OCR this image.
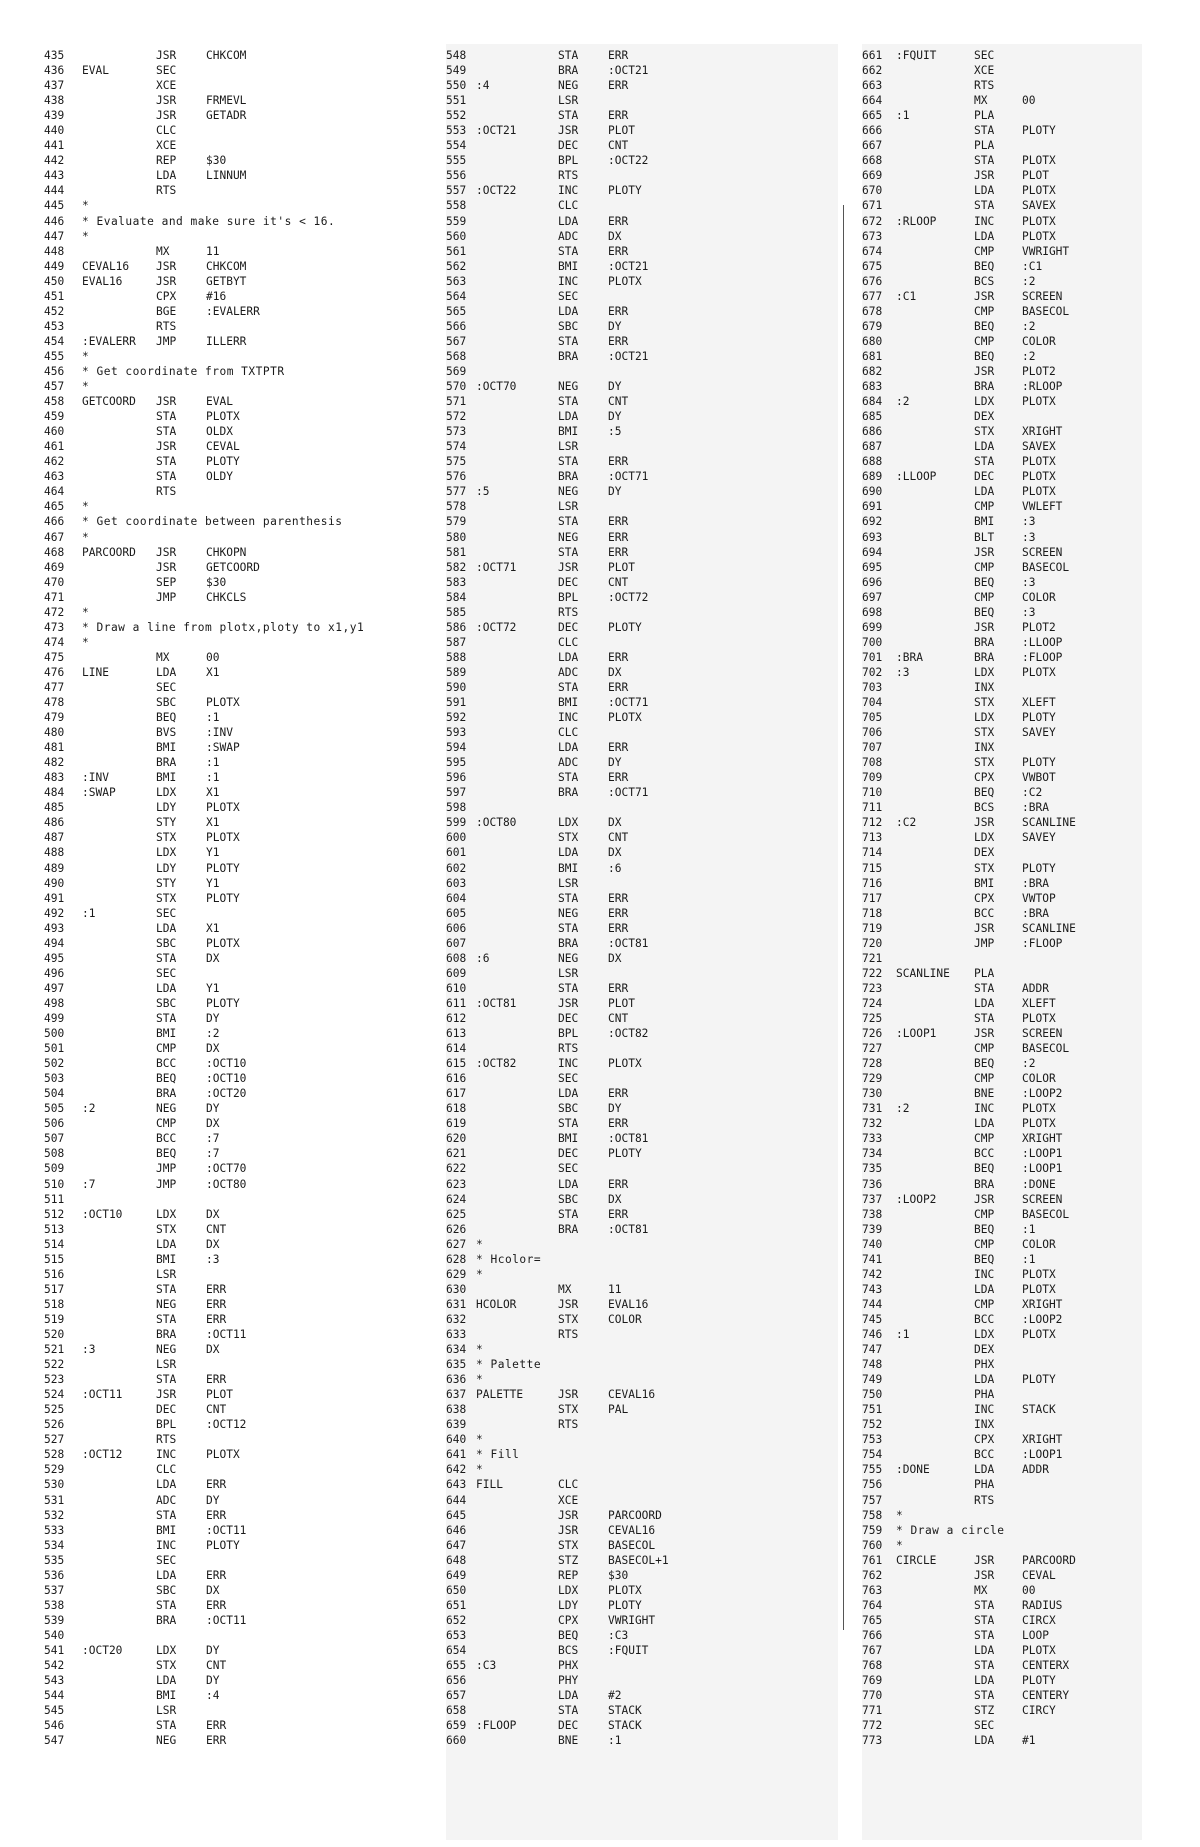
435	JSR	CHKCOM
436 EVAL	SEC
437	XCE
438	JSR	FRMEVL
439	JSR	GETADR
440	CLC
441	XCE
442	REP	$30
443	LDA	LINNUM
444	RTS
445 *
446 * Evaluate and make sure it's < 16.
447 *
448	MX	11
449 CEVAL16 JSR	CHKCOM
450 EVAL16	JSR	GETBYT
451	CPX	#16
452	BGE	:EVALERR
453	RTS
454 :EVALERR JMP	ILLERR
455 *
456 * Get coordinate from TXTPTR
457 *
458 GETCOORD JSR	EVAL
459	STA	PLOTX
460	STA	OLDX
461	JSR	CEVAL
462	STA	PLOTY
463	STA	OLDY
464	RTS
465 *
466 * Get coordinate between parenthesis
467 *
468 PARCOORD JSR	CHKOPN
469	JSR	GETCOORD
470	SEP	$30
471	JMP	CHKCLS
472 *
473 * Draw a line from plotx,ploty to x1,y1
474 *
475	MX	00
476 LINE	LDA	X1
477	SEC
478	SBC	PLOTX
479	BEQ	:1
480	BVS	:INV
481	BMI	:SWAP
482	BRA	:1
483 :INV	BMI	:1
484 :SWAP	LDX	X1
485	LDY	PLOTX
486	STY	X1
487	STX	PLOTX
488	LDX	Y1
489	LDY	PLOTY
490	STY	Y1
491	STX	PLOTY
492 :1	SEC
493	LDA	X1
494	SBC	PLOTX
495	STA	DX
496	SEC
497	LDA	Y1
498	SBC	PLOTY
499	STA	DY
500	BMI	:2
501	CMP	DX
502	BCC	:OCT10
503	BEQ	:OCT10
504	BRA	:OCT20
505 :2	NEG	DY
506	CMP	DX
507	BCC	:7
508	BEQ	:7
509	JMP	:OCT70
510 :7	JMP	:OCT80
511
512 :OCT10	LDX	DX
513	STX	CNT
514	LDA	DX
515	BMI	:3
516	LSR
517	STA	ERR
518	NEG	ERR
519	STA	ERR
520	BRA	:OCT11
521 :3	NEG	DX
522	LSR
523	STA	ERR
524 :OCT11	JSR	PLOT
525	DEC	CNT
526	BPL	:OCT12
527	RTS
528 :OCT12	INC	PLOTX
529	CLC
530	LDA	ERR
531	ADC	DY
532	STA	ERR
533	BMI	:OCT11
534	INC	PLOTY
535	SEC
536	LDA	ERR
537	SBC	DX
538	STA	ERR
539	BRA	:OCT11
540
541 :OCT20	LDX	DY
542	STX	CNT
543	LDA	DY
544	BMI	:4
545	LSR
546	STA	ERR
547	NEG	ERR
548	STA	ERR
549	BRA	:OCT21
550 :4	NEG	ERR
551	LSR
552	STA	ERR
553 :OCT21	JSR	PLOT
554	DEC	CNT
555	BPL	:OCT22
556	RTS
557 :OCT22	INC	PLOTY
558	CLC
559	LDA	ERR
560	ADC	DX
561	STA	ERR
562	BMI	:OCT21
563	INC	PLOTX
564	SEC
565	LDA	ERR
566	SBC	DY
567	STA	ERR
568	BRA	:OCT21
569
570 :OCT70	NEG	DY
571	STA	CNT
572	LDA	DY
573	BMI	:5
574	LSR
575	STA	ERR
576	BRA	:OCT71
577 :5	NEG	DY
578	LSR
579	STA	ERR
580	NEG	ERR
581	STA	ERR
582 :OCT71	JSR	PLOT
583	DEC	CNT
584	BPL	:OCT72
585	RTS
586 :OCT72	DEC	PLOTY
587	CLC
588	LDA	ERR
589	ADC	DX
590	STA	ERR
591	BMI	:OCT71
592	INC	PLOTX
593	CLC
594	LDA	ERR
595	ADC	DY
596	STA	ERR
597	BRA	:OCT71
598
599 :OCT80	LDX	DX
600	STX	CNT
601	LDA	DX
602	BMI	:6
603	LSR
604	STA	ERR
605	NEG	ERR
606	STA	ERR
607	BRA	:OCT81
608 :6	NEG	DX
609	LSR
610	STA	ERR
611 :OCT81	JSR	PLOT
612	DEC	CNT
613	BPL	:OCT82
614	RTS
615 :OCT82	INC	PLOTX
616	SEC
617	LDA	ERR
618	SBC	DY
619	STA	ERR
620	BMI	:OCT81
621	DEC	PLOTY
622	SEC
623	LDA	ERR
624	SBC	DX
625	STA	ERR
626	BRA	:OCT81
627 *
628 * Hcolor=
629 *
630	MX	11
631 HCOLOR	JSR	EVAL16
632	STX	COLOR
633	RTS
634 *
635 * Palette
636 *
637 PALETTE	JSR	CEVAL16
638	STX	PAL
639	RTS
640 *
641 * Fill
642 *
643 FILL	CLC
644	XCE
645	JSR	PARCOORD
646	JSR	CEVAL16
647	STX	BASECOL
648	STZ	BASECOL+1
649	REP	$30
650	LDX	PLOTX
651	LDY	PLOTY
652	CPX	VWRIGHT
653	BEQ	:C3
654	BCS	:FQUIT
655 :C3	PHX
656	PHY
657	LDA	#2
658	STA	STACK
659 :FLOOP	DEC	STACK
660	BNE	:1
661 :FQUIT	SEC
662	XCE
663	RTS
664	MX	00
665 :1	PLA
666	STA PLOTY
667	PLA
668	STA PLOTX
669	JSR PLOT
670	LDA PLOTX
671	STA SAVEX
672 :RLOOP	INC PLOTX
673	LDA PLOTX
674	CMP VWRIGHT
675	BEQ :C1
676	BCS :2
677 :C1	JSR SCREEN
678	CMP BASECOL
679	BEQ :2
680	CMP COLOR
681	BEQ :2
682	JSR PLOT2
683	BRA :RLOOP
684 :2	LDX PLOTX
685	DEX
686	STX XRIGHT
687	LDA SAVEX
688	STA PLOTX
689 :LLOOP	DEC PLOTX
690	LDA PLOTX
691	CMP VWLEFT
692	BMI :3
693	BLT :3
694	JSR SCREEN
695	CMP BASECOL
696	BEQ :3
697	CMP COLOR
698	BEQ :3
699	JSR PLOT2
700	BRA :LLOOP
701 :BRA	BRA :FLOOP
702 :3	LDX PLOTX
703	INX
704	STX XLEFT
705	LDX PLOTY
706	STX SAVEY
707	INX
708	STX PLOTY
709	CPX VWBOT
710	BEQ :C2
711	BCS :BRA
712 :C2	JSR SCANLINE
713	LDX SAVEY
714	DEX
715	STX PLOTY
716	BMI :BRA
717	CPX VWTOP
718	BCC :BRA
719	JSR SCANLINE
720	JMP :FLOOP
721
722 SCANLINE PLA
723	STA ADDR
724	LDA XLEFT
725	STA PLOTX
726 :LOOP1	JSR SCREEN
727	CMP BASECOL
728	BEQ :2
729	CMP COLOR
730	BNE :LOOP2
731 :2	INC PLOTX
732	LDA PLOTX
733	CMP XRIGHT
734	BCC :LOOP1
735	BEQ :LOOP1
736	BRA :DONE
737 :LOOP2	JSR SCREEN
738	CMP BASECOL
739	BEQ :1
740	CMP COLOR
741	BEQ :1
742	INC PLOTX
743	LDA PLOTX
744	CMP XRIGHT
745	BCC :LOOP2
746 :1	LDX PLOTX
747	DEX
748	PHX
749	LDA PLOTY
750	PHA
751	INC STACK
752	INX
753	CPX XRIGHT
754	BCC :LOOP1
755 :DONE	LDA ADDR
756	PHA
757	RTS
758 *
759 * Draw a circle
760 *
761 CIRCLE	JSR PARCOORD
762	JSR CEVAL
763	MX	00
764	STA RADIUS
765	STA CIRCX
766	STA LOOP
767	LDA PLOTX
768	STA CENTERX
769	LDA PLOTY
770	STA CENTERY
771	STZ CIRCY
772	SEC
773	LDA #1
